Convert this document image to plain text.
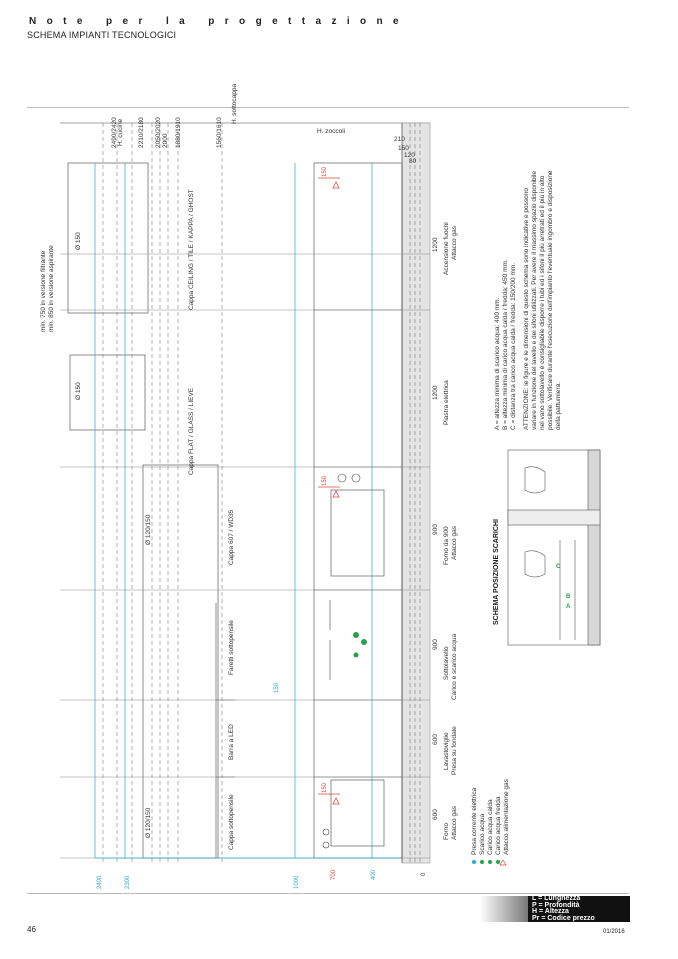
Note per la progettazione
SCHEMA IMPIANTI TECNOLOGICI
H. cucine
H. sottocappa
H. zoccoli
2490/2420	2210/2180 2050/2020 2000 1880/1910	1560/1610	210
150
120
80
2400	2300	1000
400
150
700
150
150
150
0
min. 750 in versione filtrante min. 850 in versione aspirante
Ø 150
Ø 150
Ø 120/150
Ø 120/150
Cappa CEILING / TILE / KAPPA / GHOST
Cappa FLAT / GLASS / LIEVE
Cappa 607 / WD35
Faretti sottopensile
Barra a LED
Cappa sottopensile	600
Forno Attacco gas
600 Lavastoviglie Presa su fondale
900
Sottolavello Carico e scarico acqua
900 Forno da 900 Attacco gas
1200 Piastra elettrica
1200 Accensione fuochi Attacco gas
Presa corrente elettrica Scarico acqua Carico acqua calda Carico acqua fredda Attacco alimentazione gas
SCHEMA POSIZIONE SCARICHI	C
B
A
A = altezza minima di scarico acqua: 400 mm. B = altezza minima di carico acqua calda / fredda: 450 mm. C = distanza tra carico acqua calda / fredda: 150/200 mm. ATTENZIONE: le figure e le dimensioni di questo schema sono indicative e possono variare in funzione del lavello e dei sifoni utilizzati. Per avere il massimo spazio disponibile nel vano sottolavello è consigliabile disporre i tubi ed i sifoni il più arretrati ed il più in alto possibile. Verificare durante l'esecuzione dell'impianto l'eventuale ingombro e disposizione della pattumiera.
L = Lunghezza
P = Profondità
H = Altezza
Pr = Codice prezzo
46	01/2016
